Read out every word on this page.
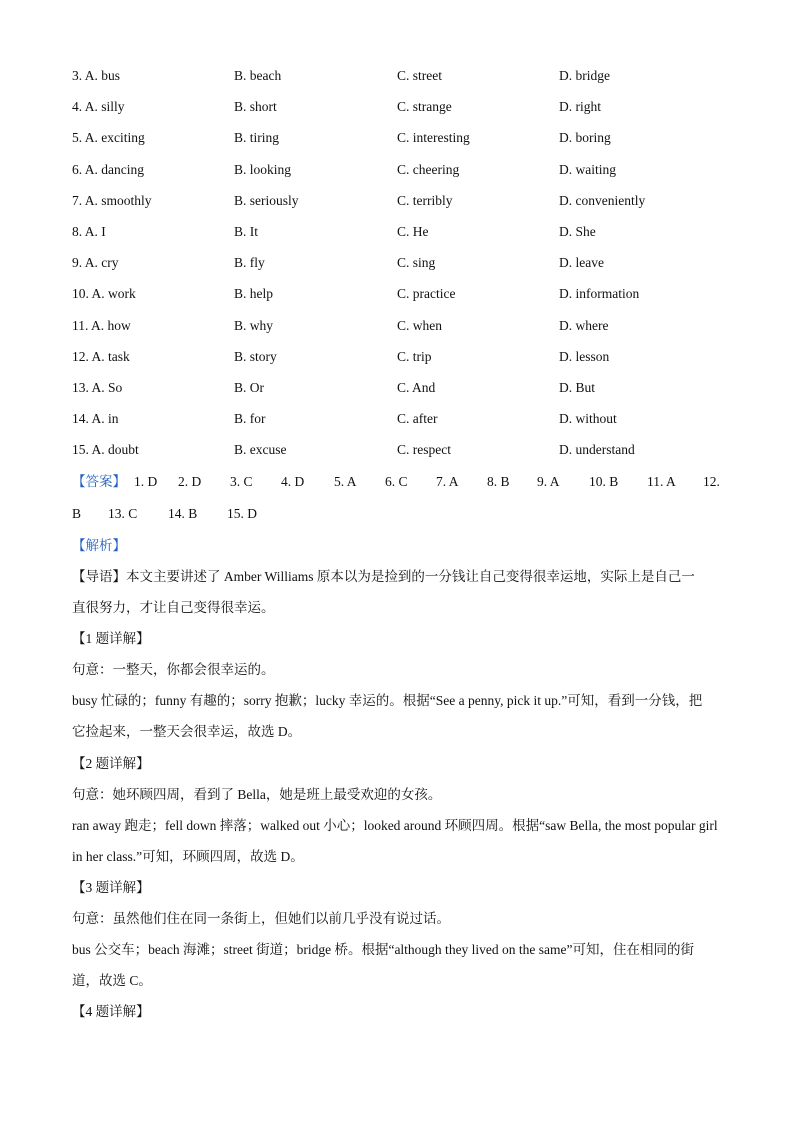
3. A. bus	B. beach	C. street	D. bridge
4. A. silly	B. short	C. strange	D. right
5. A. exciting	B. tiring	C. interesting	D. boring
6. A. dancing	B. looking	C. cheering	D. waiting
7. A. smoothly	B. seriously	C. terribly	D. conveniently
8. A. I	B. It	C. He	D. She
9. A. cry	B. fly	C. sing	D. leave
10. A. work	B. help	C. practice	D. information
11. A. how	B. why	C. when	D. where
12. A. task	B. story	C. trip	D. lesson
13. A. So	B. Or	C. And	D. But
14. A. in	B. for	C. after	D. without
15. A. doubt	B. excuse	C. respect	D. understand
【答案】 1. D 2. D 3. C 4. D 5. A 6. C 7. A 8. B 9. A 10. B 11. A 12.
B 13. C 14. B 15. D
【解析】
【导语】本文主要讲述了 Amber Williams 原本以为是捡到的一分钱让自己变得很幸运地，实际上是自己一
直很努力，才让自己变得很幸运。
【1 题详解】
句意：一整天，你都会很幸运的。
busy 忙碌的；funny 有趣的；sorry 抱歉；lucky 幸运的。根据“See a penny, pick it up.”可知，看到一分钱，把
它捡起来，一整天会很幸运，故选 D。
【2 题详解】
句意：她环顾四周，看到了 Bella，她是班上最受欢迎的女孩。
ran away 跑走；fell down 摔落；walked out 小心；looked around 环顾四周。根据“saw Bella, the most popular girl
in her class.”可知，环顾四周，故选 D。
【3 题详解】
句意：虽然他们住在同一条街上，但她们以前几乎没有说过话。
bus 公交车；beach 海滩；street 街道；bridge 桥。根据“although they lived on the same”可知，住在相同的街
道，故选 C。
【4 题详解】
